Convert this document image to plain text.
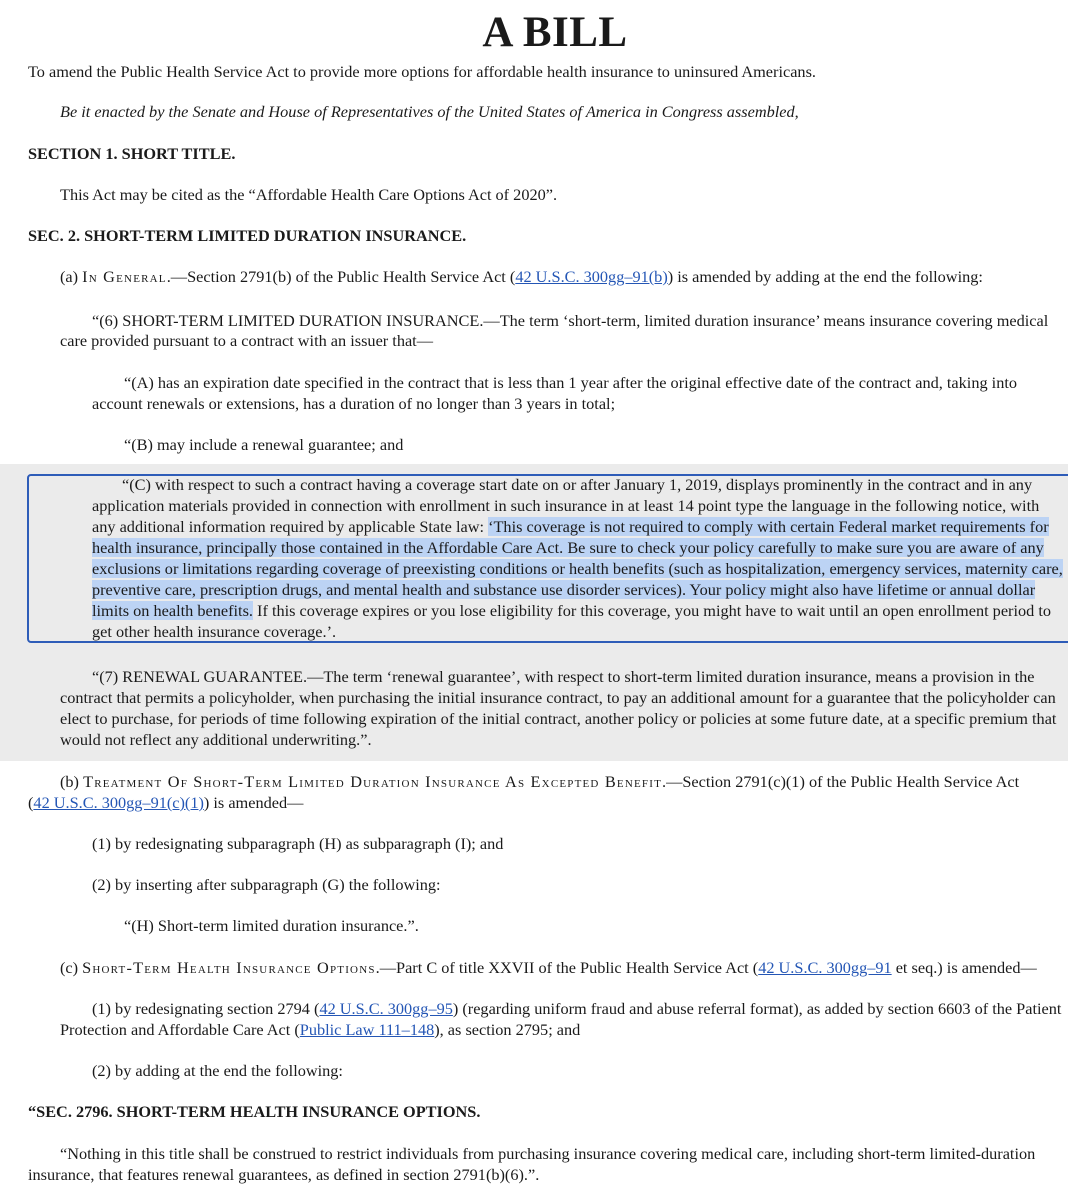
A BILL
To amend the Public Health Service Act to provide more options for affordable health insurance to uninsured Americans.
Be it enacted by the Senate and House of Representatives of the United States of America in Congress assembled,
SECTION 1. SHORT TITLE.
This Act may be cited as the “Affordable Health Care Options Act of 2020”.
SEC. 2. SHORT-TERM LIMITED DURATION INSURANCE.
(a) In General.—Section 2791(b) of the Public Health Service Act (42 U.S.C. 300gg–91(b)) is amended by adding at the end the following:
“(6) SHORT-TERM LIMITED DURATION INSURANCE.—The term ‘short-term, limited duration insurance’ means insurance covering medical
care provided pursuant to a contract with an issuer that—
“(A) has an expiration date specified in the contract that is less than 1 year after the original effective date of the contract and, taking into
account renewals or extensions, has a duration of no longer than 3 years in total;
“(B) may include a renewal guarantee; and
“(C) with respect to such a contract having a coverage start date on or after January 1, 2019, displays prominently in the contract and in any application materials provided in connection with enrollment in such insurance in at least 14 point type the language in the following notice, with any additional information required by applicable State law: ‘This coverage is not required to comply with certain Federal market requirements for health insurance, principally those contained in the Affordable Care Act. Be sure to check your policy carefully to make sure you are aware of any exclusions or limitations regarding coverage of preexisting conditions or health benefits (such as hospitalization, emergency services, maternity care, preventive care, prescription drugs, and mental health and substance use disorder services). Your policy might also have lifetime or annual dollar limits on health benefits. If this coverage expires or you lose eligibility for this coverage, you might have to wait until an open enrollment period to get other health insurance coverage.’.
“(7) RENEWAL GUARANTEE.—The term ‘renewal guarantee’, with respect to short-term limited duration insurance, means a provision in the
contract that permits a policyholder, when purchasing the initial insurance contract, to pay an additional amount for a guarantee that the policyholder can
elect to purchase, for periods of time following expiration of the initial contract, another policy or policies at some future date, at a specific premium that
would not reflect any additional underwriting.”.
(b) Treatment Of Short-Term Limited Duration Insurance As Excepted Benefit.—Section 2791(c)(1) of the Public Health Service Act
(42 U.S.C. 300gg–91(c)(1)) is amended—
(1) by redesignating subparagraph (H) as subparagraph (I); and
(2) by inserting after subparagraph (G) the following:
“(H) Short-term limited duration insurance.”.
(c) Short-Term Health Insurance Options.—Part C of title XXVII of the Public Health Service Act (42 U.S.C. 300gg–91 et seq.) is amended—
(1) by redesignating section 2794 (42 U.S.C. 300gg–95) (regarding uniform fraud and abuse referral format), as added by section 6603 of the Patient
Protection and Affordable Care Act (Public Law 111–148), as section 2795; and
(2) by adding at the end the following:
“SEC. 2796. SHORT-TERM HEALTH INSURANCE OPTIONS.
“Nothing in this title shall be construed to restrict individuals from purchasing insurance covering medical care, including short-term limited-duration
insurance, that features renewal guarantees, as defined in section 2791(b)(6).”.
